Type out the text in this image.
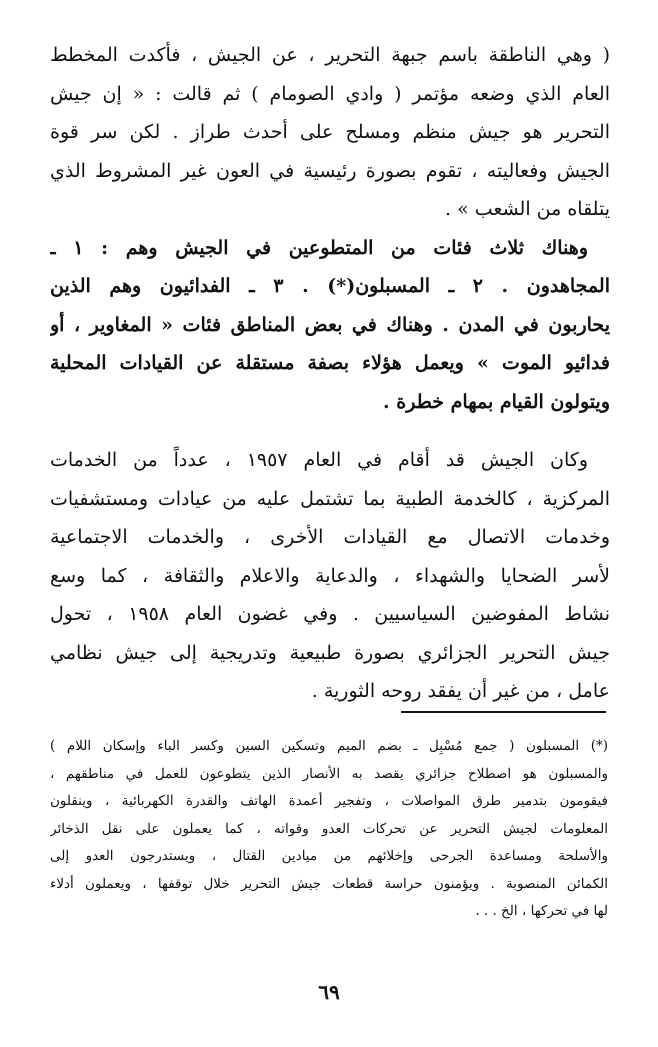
( وهي الناطقة باسم جبهة التحرير ، عن الجيش ، فأكدت المخطط
العام الذي وضعه مؤتمر ( وادي الصومام ) ثم قالت : « إن جيش
التحرير هو جيش منظم ومسلح على أحدث طراز . لكن سر قوة
الجيش وفعاليته ، تقوم بصورة رئيسية في العون غير المشروط الذي
يتلقاه من الشعب » .

وهناك ثلاث فئات من المتطوعين في الجيش وهم : ١ ـ
المجاهدون . ٢ ـ المسبلون(*) . ٣ ـ الفدائيون وهم الذين
يحاربون في المدن . وهناك في بعض المناطق فئات « المغاوير ، أو
فدائيو الموت » ويعمل هؤلاء بصفة مستقلة عن القيادات المحلية
ويتولون القيام بمهام خطرة .

وكان الجيش قد أقام في العام ١٩٥٧ ، عدداً من الخدمات
المركزية ، كالخدمة الطبية بما تشتمل عليه من عيادات ومستشفيات
وخدمات الاتصال مع القيادات الأخرى ، والخدمات الاجتماعية
لأسر الضحايا والشهداء ، والدعاية والاعلام والثقافة ، كما وسع
نشاط المفوضين السياسيين . وفي غضون العام ١٩٥٨ ، تحول
جيش التحرير الجزائري بصورة طبيعية وتدريجية إلى جيش نظامي
عامل ، من غير أن يفقد روحه الثورية .

(*) المسبلون ( جمع مُسْبِل ـ بضم الميم وتسكين السين وكسر الباء وإسكان اللام )
والمسبلون هو اصطلاح جزائري يقصد به الأنصار الذين يتطوعون للعمل في مناطقهم ،
فيقومون بتدمير طرق المواصلات ، وتفجير أعمدة الهاتف والقدرة الكهربائية ، وينقلون
المعلومات لجيش التحرير عن تحركات العدو وقواته ، كما يعملون على نقل الذخائر
والأسلحة ومساعدة الجرحى وإخلائهم من ميادين القتال ، ويستدرجون العدو إلى
الكمائن المنصوبة . ويؤمنون حراسة قطعات جيش التحرير خلال توقفها ، ويعملون أدلاء
لها في تحركها ، الخ . . .
٦٩
